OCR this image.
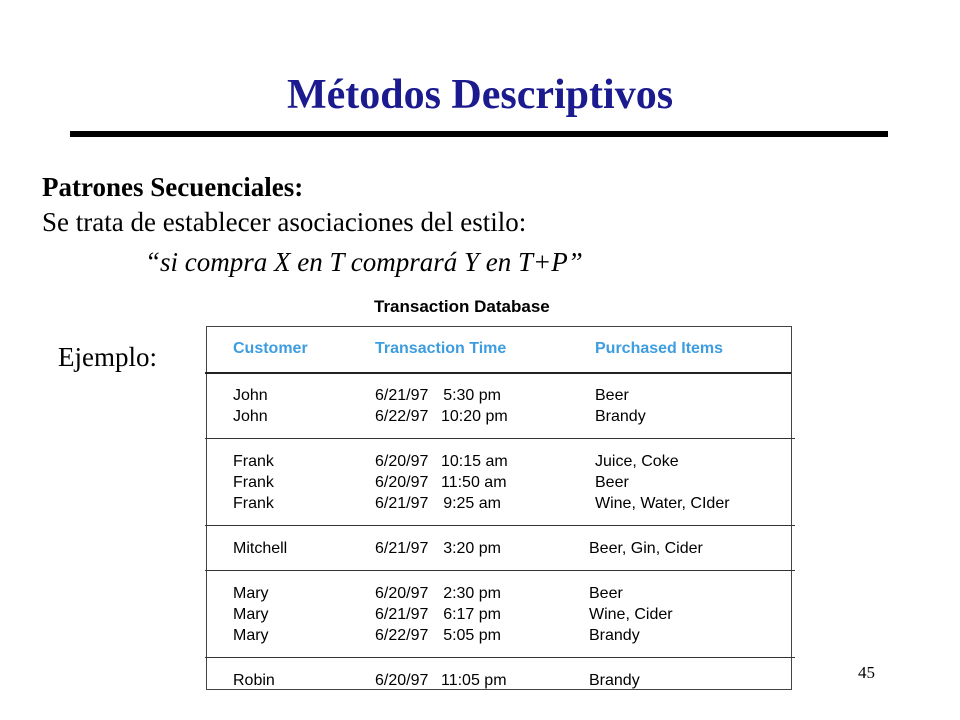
Métodos Descriptivos
Patrones Secuenciales:
Se trata de establecer asociaciones del estilo:
“si compra X en T comprará Y en T+P”
Ejemplo:
Transaction Database
Customer	Transaction Time	Purchased Items
John	6/21/97 5:30 pm	Beer
John	6/22/97 10:20 pm	Brandy
Frank	6/20/97 10:15 am	Juice, Coke
Frank	6/20/97 11:50 am	Beer
Frank	6/21/97 9:25 am	Wine, Water, CIder
Mitchell	6/21/97 3:20 pm	Beer, Gin, Cider
Mary	6/20/97 2:30 pm	Beer
Mary	6/21/97 6:17 pm	Wine, Cider
Mary	6/22/97 5:05 pm	Brandy
Robin	6/20/97 11:05 pm	Brandy	45
